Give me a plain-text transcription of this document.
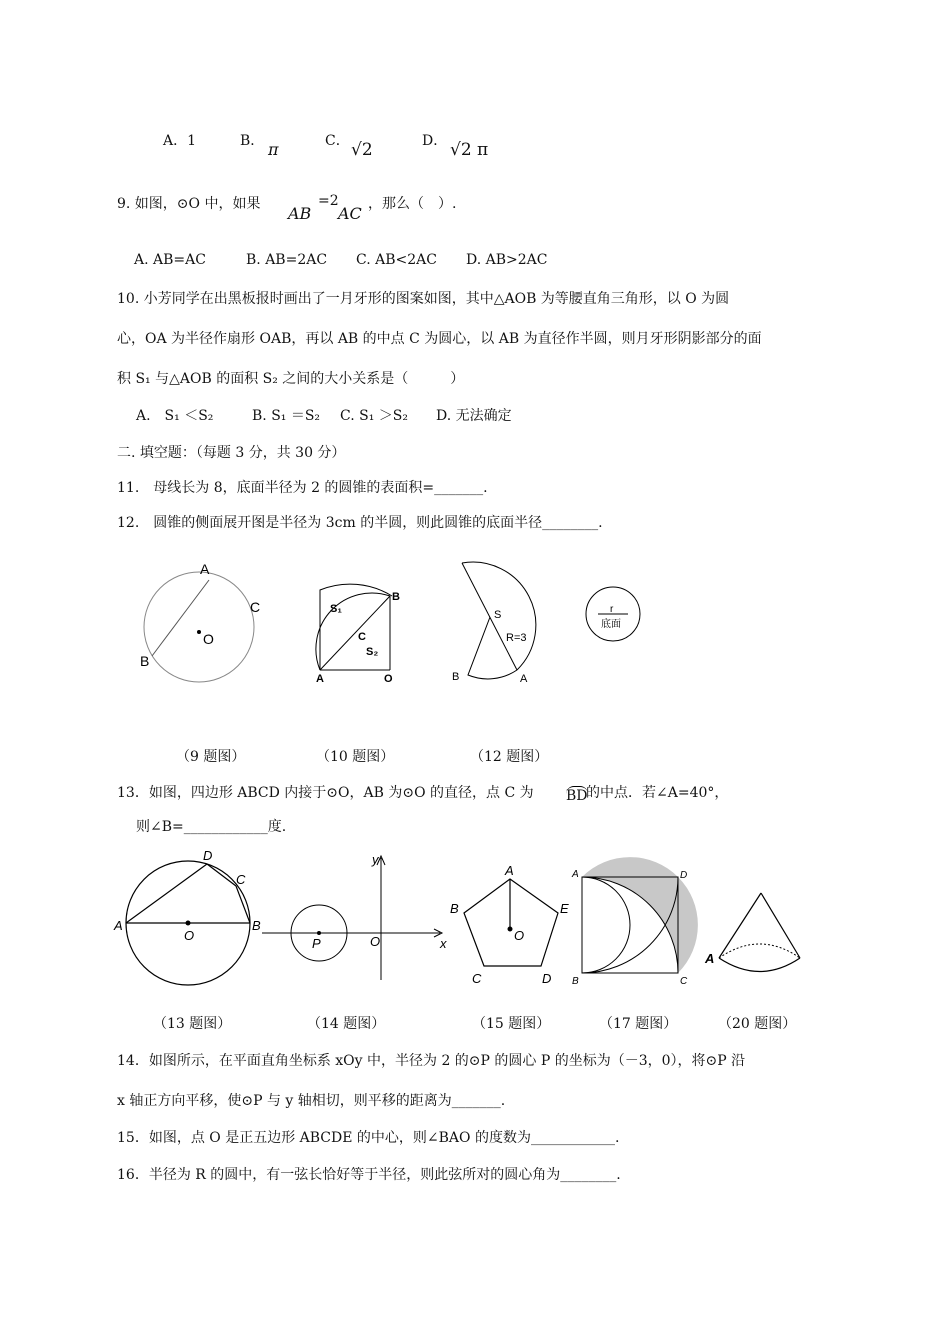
A．1	B． π	C． √2	D． √2 π
9. 如图，⊙O 中，如果 AB
=2
AC ，那么（　）.
A. AB=AC	B. AB=2AC C. AB<2AC D. AB>2AC
10. 小芳同学在出黑板报时画出了一月牙形的图案如图，其中△AOB 为等腰直角三角形，以 O 为圆
心，OA 为半径作扇形 OAB，再以 AB 的中点 C 为圆心，以 AB 为直径作半圆，则月牙形阴影部分的面
积 S₁ 与△AOB 的面积 S₂ 之间的大小关系是（　　　）
A.　S₁ ＜S₂	B. S₁ ＝S₂ C. S₁ ＞S₂ D. 无法确定
二. 填空题：（每题 3 分，共 30 分）
11.　母线长为 8，底面半径为 2 的圆锥的表面积=_______.
12.　圆锥的侧面展开图是半径为 3cm 的半圆，则此圆锥的底面半径________.
A
B
C
O
S₁
C
S₂
B
A	O
S
R=3
A
B
r
底面
（9 题图）	（10 题图）	（12 题图）
13．如图，四边形 ABCD 内接于⊙O，AB 为⊙O 的直径，点 C 为 BD
的中点．若∠A=40°，
则∠B=____________度.
A	B
C
D
O
P	O	x
y
A
B
C	D
E
O
A
B	C
D
A
（13 题图）	（14 题图）	（15 题图）	（17 题图）	（20 题图）
14．如图所示，在平面直角坐标系 xOy 中，半径为 2 的⊙P 的圆心 P 的坐标为（－3，0），将⊙P 沿
x 轴正方向平移，使⊙P 与 y 轴相切，则平移的距离为_______.
15．如图，点 O 是正五边形 ABCDE 的中心，则∠BAO 的度数为____________.
16．半径为 R 的圆中，有一弦长恰好等于半径，则此弦所对的圆心角为________.
